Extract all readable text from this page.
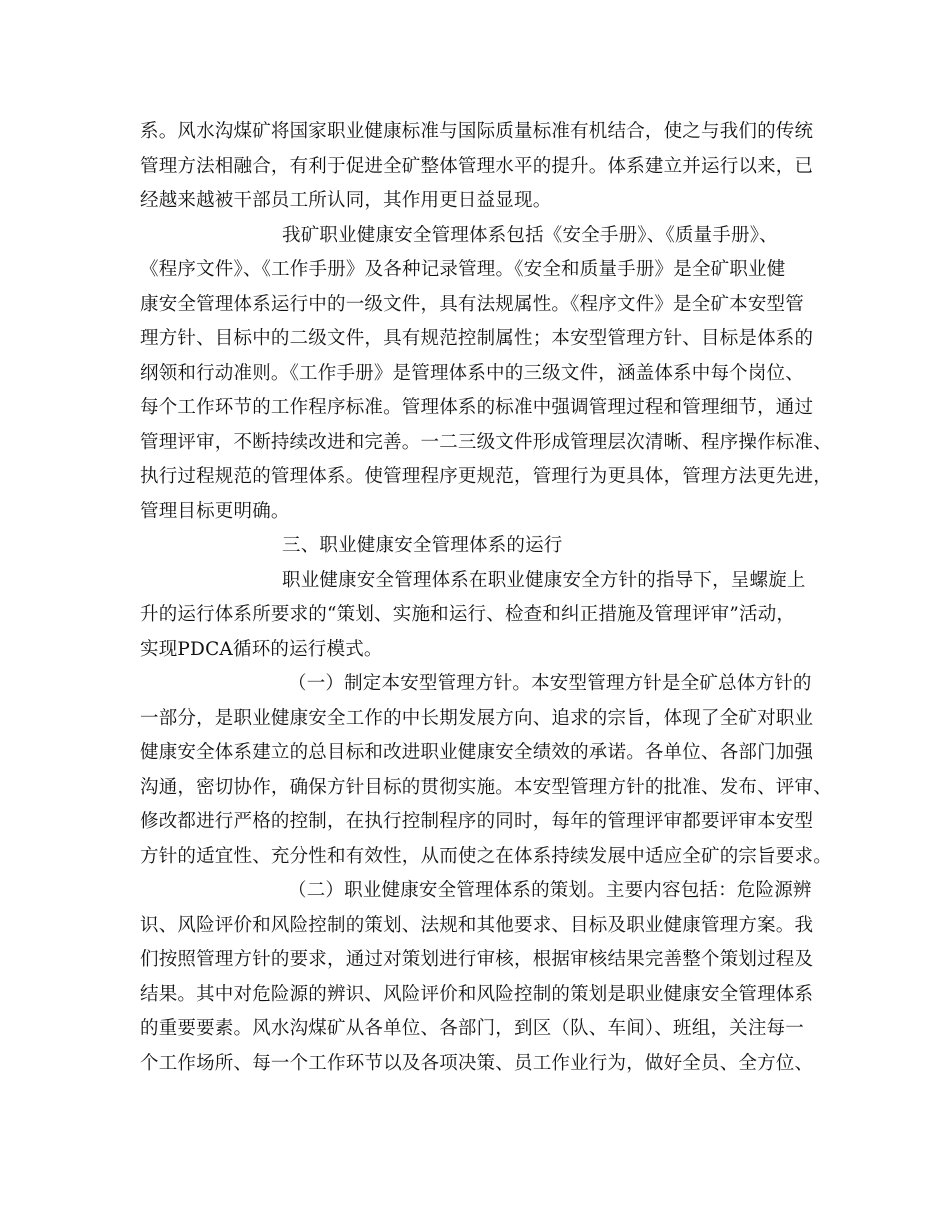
系。风水沟煤矿将国家职业健康标准与国际质量标准有机结合，使之与我们的传统
管理方法相融合，有利于促进全矿整体管理水平的提升。体系建立并运行以来，已
经越来越被干部员工所认同，其作用更日益显现。
我矿职业健康安全管理体系包括《安全手册》、《质量手册》、
《程序文件》、《工作手册》及各种记录管理。《安全和质量手册》是全矿职业健
康安全管理体系运行中的一级文件，具有法规属性。《程序文件》是全矿本安型管
理方针、目标中的二级文件，具有规范控制属性；本安型管理方针、目标是体系的
纲领和行动准则。《工作手册》是管理体系中的三级文件，涵盖体系中每个岗位、
每个工作环节的工作程序标准。管理体系的标准中强调管理过程和管理细节，通过
管理评审，不断持续改进和完善。一二三级文件形成管理层次清晰、程序操作标准、
执行过程规范的管理体系。使管理程序更规范，管理行为更具体，管理方法更先进，
管理目标更明确。
三、职业健康安全管理体系的运行
职业健康安全管理体系在职业健康安全方针的指导下，呈螺旋上
升的运行体系所要求的“策划、实施和运行、检查和纠正措施及管理评审”活动，
实现PDCA循环的运行模式。
（一）制定本安型管理方针。本安型管理方针是全矿总体方针的
一部分，是职业健康安全工作的中长期发展方向、追求的宗旨，体现了全矿对职业
健康安全体系建立的总目标和改进职业健康安全绩效的承诺。各单位、各部门加强
沟通，密切协作，确保方针目标的贯彻实施。本安型管理方针的批准、发布、评审、
修改都进行严格的控制，在执行控制程序的同时，每年的管理评审都要评审本安型
方针的适宜性、充分性和有效性，从而使之在体系持续发展中适应全矿的宗旨要求。
（二）职业健康安全管理体系的策划。主要内容包括：危险源辨
识、风险评价和风险控制的策划、法规和其他要求、目标及职业健康管理方案。我
们按照管理方针的要求，通过对策划进行审核，根据审核结果完善整个策划过程及
结果。其中对危险源的辨识、风险评价和风险控制的策划是职业健康安全管理体系
的重要要素。风水沟煤矿从各单位、各部门，到区（队、车间）、班组，关注每一
个工作场所、每一个工作环节以及各项决策、员工作业行为，做好全员、全方位、
